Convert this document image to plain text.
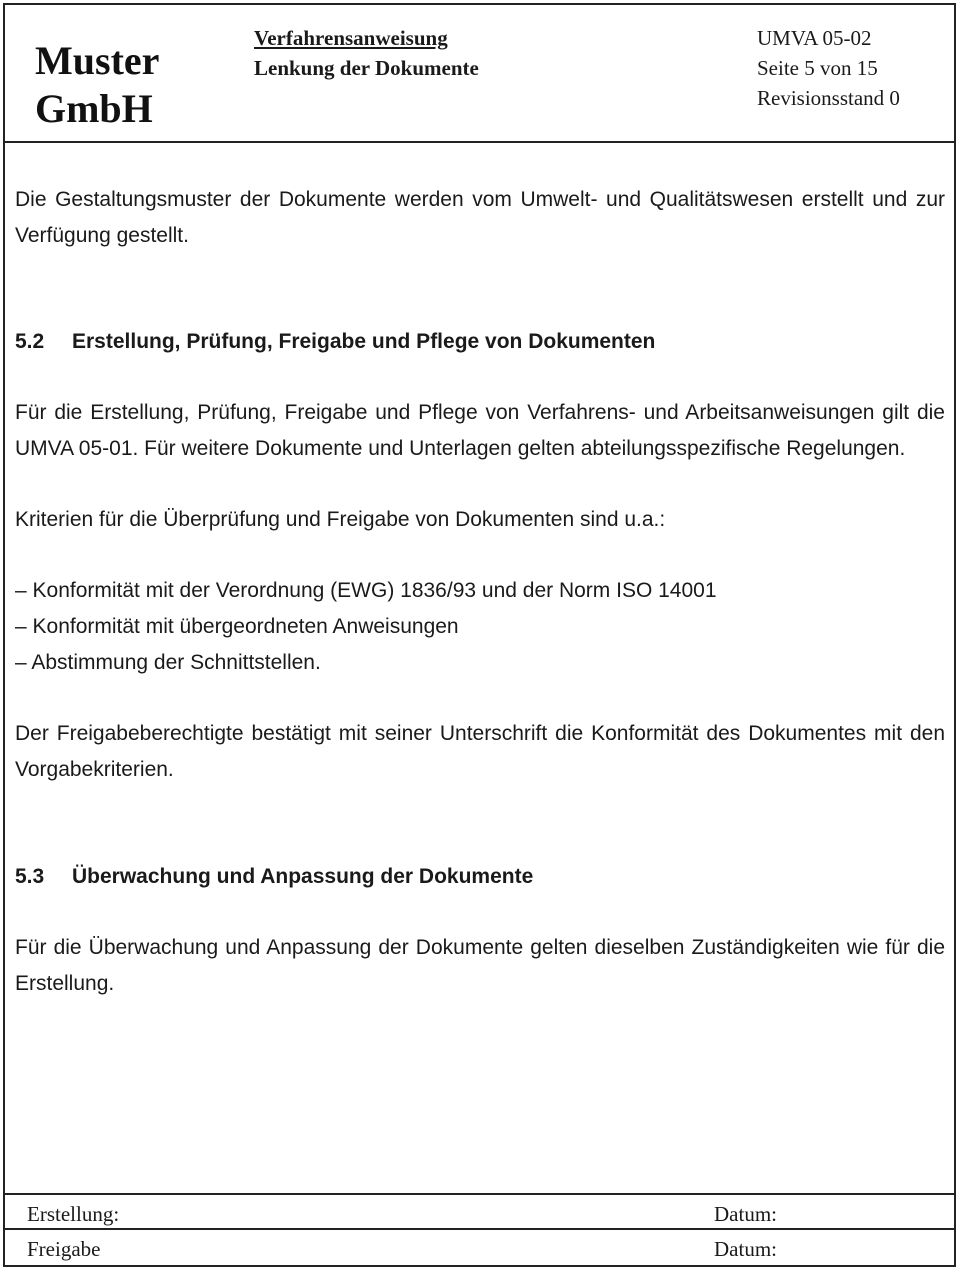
Muster
GmbH
Verfahrensanweisung
Lenkung der Dokumente
UMVA 05-02
Seite 5 von 15
Revisionsstand 0

Die Gestaltungsmuster der Dokumente werden vom Umwelt- und Qualitätswesen erstellt und zur Verfügung gestellt.

5.2	Erstellung, Prüfung, Freigabe und Pflege von Dokumenten

Für die Erstellung, Prüfung, Freigabe und Pflege von Verfahrens- und Arbeitsanweisungen gilt die UMVA 05-01. Für weitere Dokumente und Unterlagen gelten abteilungsspezifische Regelungen.

Kriterien für die Überprüfung und Freigabe von Dokumenten sind u.a.:

– Konformität mit der Verordnung (EWG) 1836/93 und der Norm ISO 14001
– Konformität mit übergeordneten Anweisungen
– Abstimmung der Schnittstellen.

Der Freigabeberechtigte bestätigt mit seiner Unterschrift die Konformität des Dokumentes mit den Vorgabekriterien.

5.3	Überwachung und Anpassung der Dokumente

Für die Überwachung und Anpassung der Dokumente gelten dieselben Zuständigkeiten wie für die Erstellung.

Erstellung:	Datum:
Freigabe	Datum:
